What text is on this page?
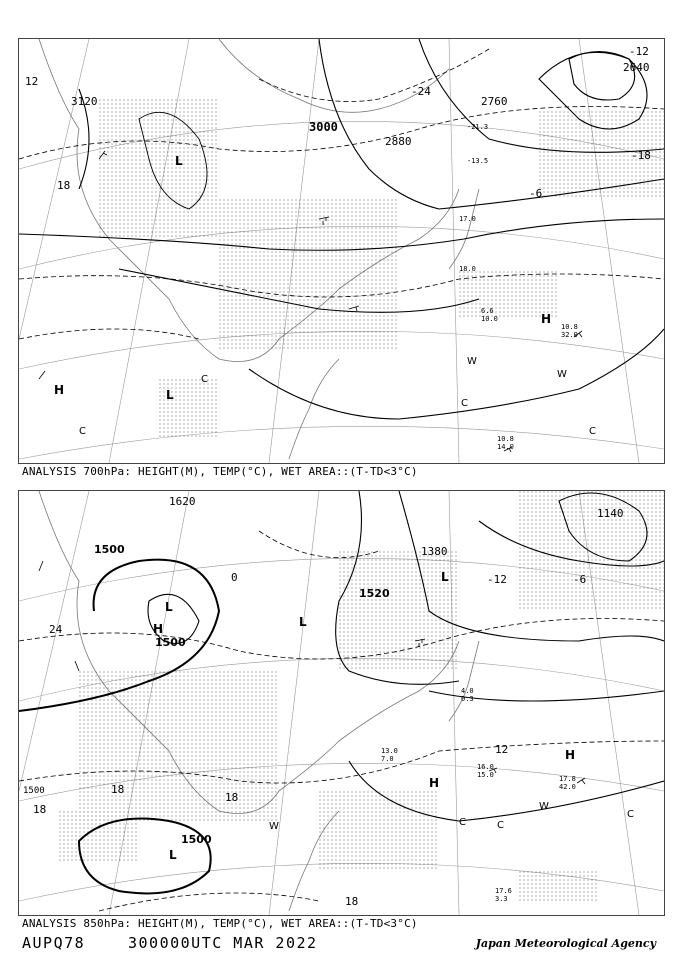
3120
3000
2880
2760
2640
12
-24
-6
-12
-18
18
L
L
H
H
W
W
C
C
C
C
10.8
14.0
10.8
32.0
6.6
10.0
17.0
18.0
-13.5
-21.3
ANALYSIS 700hPa: HEIGHT(M), TEMP(°C), WET AREA::(T-TD<3°C)
1500
1500
1500
1520
1380
1140
1620
1500
24
18
18
18
12
-6
0
18
-12
L
L
L
L
H
H
H
W
W
C	C
C
16.0
15.0	17.8
42.0
17.6
3.3
13.0
7.0
4.0
0.3
ANALYSIS 850hPa: HEIGHT(M), TEMP(°C), WET AREA::(T-TD<3°C)
AUPQ78	300000UTC MAR 2022	Japan Meteorological Agency
